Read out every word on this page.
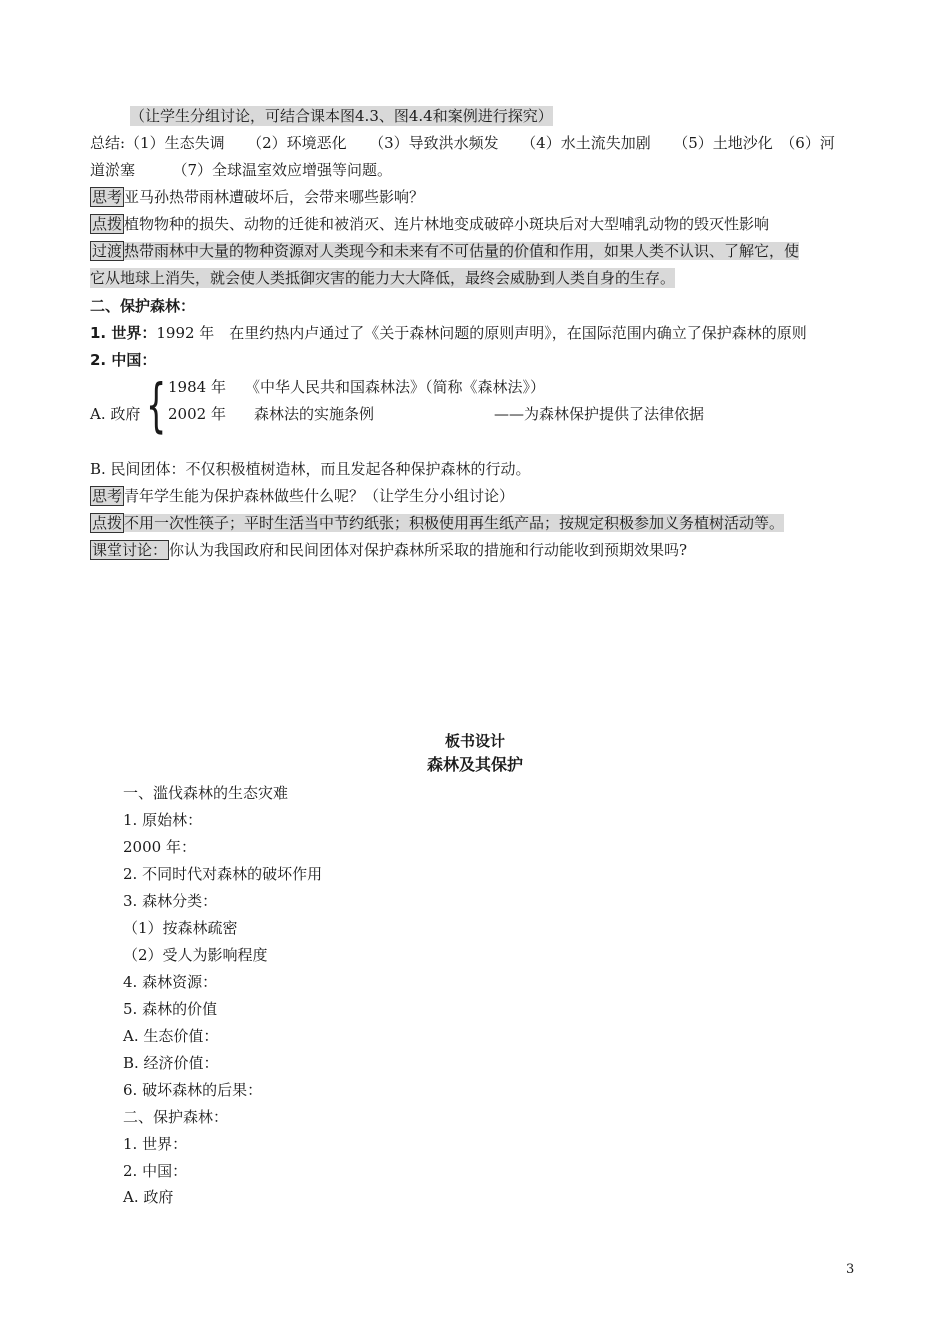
（让学生分组讨论，可结合课本图4.3、图4.4和案例进行探究）
总结:（1）生态失调　　（2）环境恶化　　（3）导致洪水频发　　（4）水土流失加剧　　（5）土地沙化　（6）河
道淤塞　　　（7）全球温室效应增强等问题。
思考 亚马孙热带雨林遭破坏后，会带来哪些影响？
点拨 植物物种的损失、动物的迁徙和被消灭、连片林地变成破碎小斑块后对大型哺乳动物的毁灭性影响
过渡 热带雨林中大量的物种资源对人类现今和未来有不可估量的价值和作用，如果人类不认识、了解它，使
它从地球上消失，就会使人类抵御灾害的能力大大降低，最终会威胁到人类自身的生存。
二、保护森林：
1. 世界：1992 年　在里约热内卢通过了《关于森林问题的原则声明》，在国际范围内确立了保护森林的原则
2. 中国：
{ 1984 年 《中华人民共和国森林法》（简称《森林法》）
A. 政府 2002 年 森林法的实施条例	——为森林保护提供了法律依据
B. 民间团体：不仅积极植树造林，而且发起各种保护森林的行动。
思考 青年学生能为保护森林做些什么呢？（让学生分小组讨论）
点拨 不用一次性筷子；平时生活当中节约纸张；积极使用再生纸产品；按规定积极参加义务植树活动等。
课堂讨论： 你认为我国政府和民间团体对保护森林所采取的措施和行动能收到预期效果吗?
板书设计
森林及其保护
一、滥伐森林的生态灾难
1. 原始林：
2000 年：
2. 不同时代对森林的破坏作用
3. 森林分类：
（1）按森林疏密
（2）受人为影响程度
4. 森林资源：
5. 森林的价值
A. 生态价值：
B. 经济价值：
6. 破坏森林的后果：
二、保护森林：
1. 世界：
2. 中国：
A. 政府
3
